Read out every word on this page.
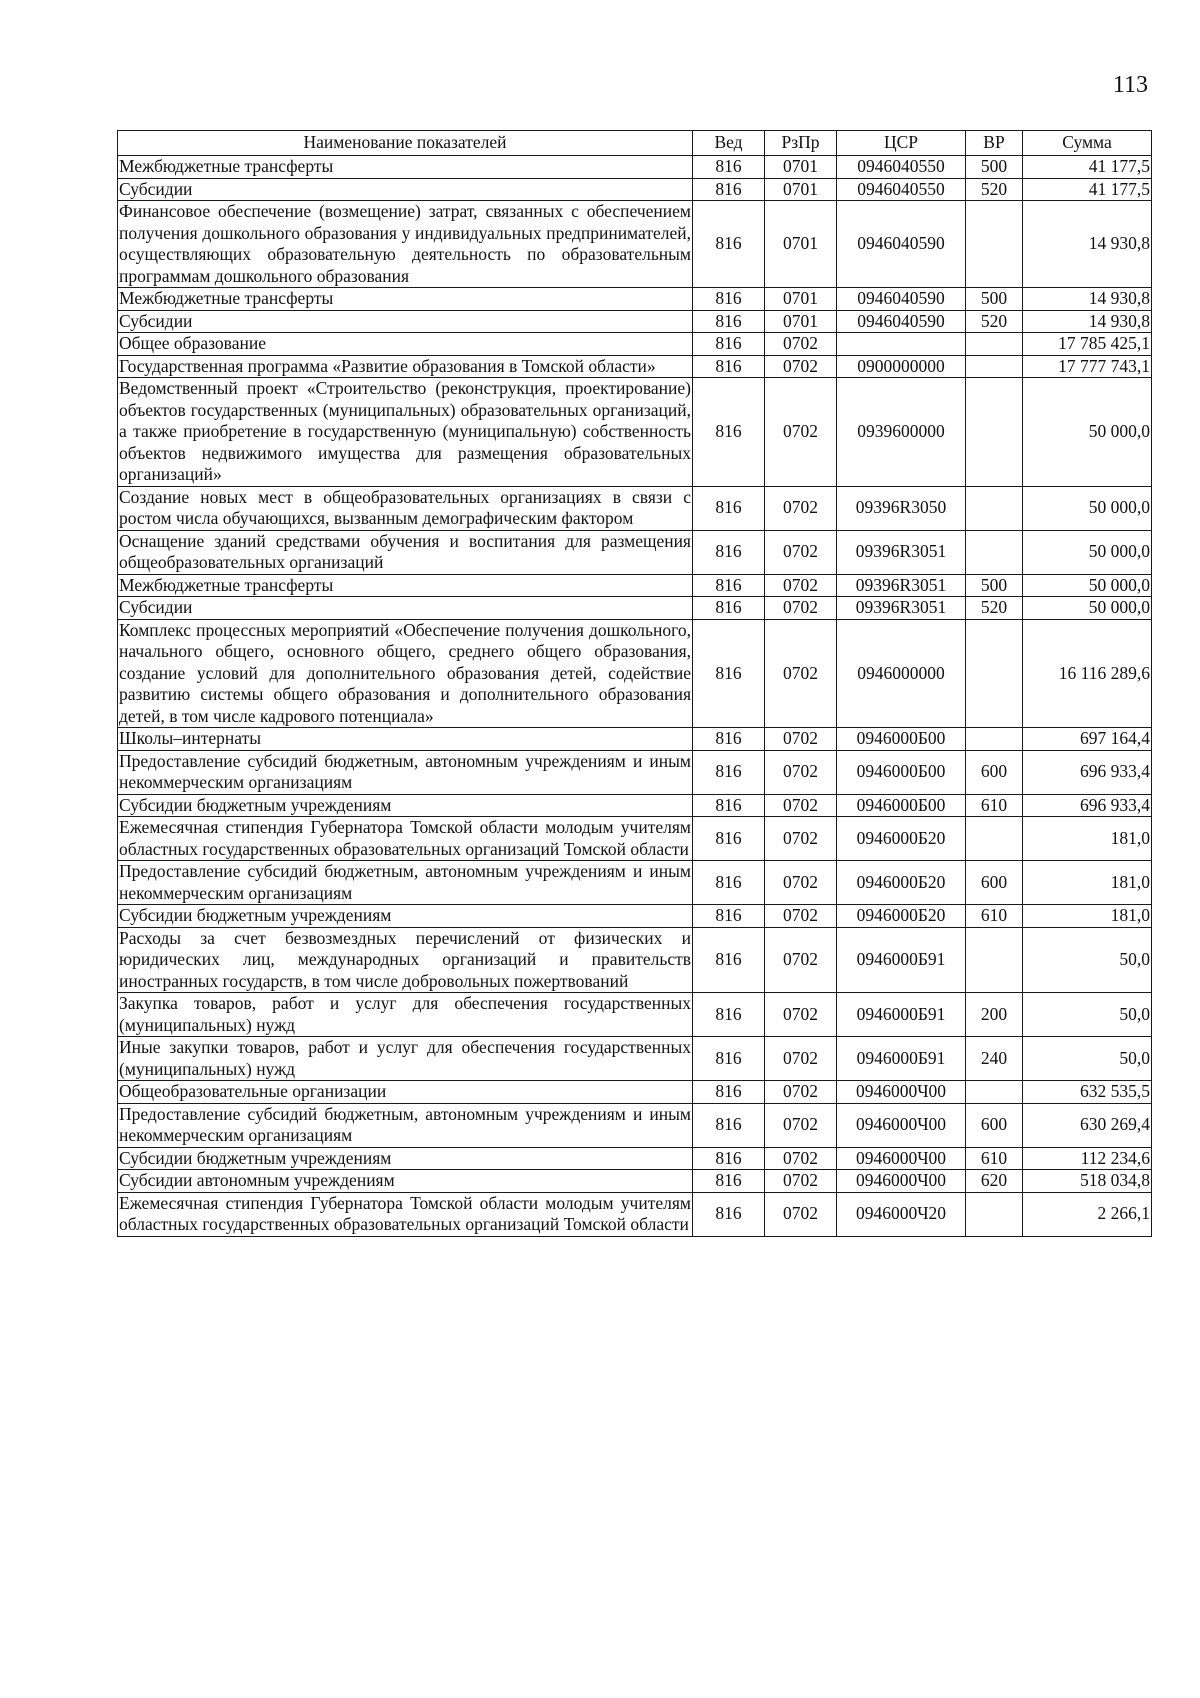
113
Наименование показателей	Вед	РзПр	ЦСР	ВР	Сумма
Межбюджетные трансферты	816	0701	0946040550	500	41 177,5
Субсидии	816	0701	0946040550	520	41 177,5
Финансовое обеспечение (возмещение) затрат, связанных с обеспечением получения дошкольного образования у индивидуальных предпринимателей, осуществляющих образовательную деятельность по образовательным программам дошкольного образования	816	0701	0946040590		14 930,8
Межбюджетные трансферты	816	0701	0946040590	500	14 930,8
Субсидии	816	0701	0946040590	520	14 930,8
Общее образование	816	0702			17 785 425,1
Государственная программа «Развитие образования в Томской области»	816	0702	0900000000		17 777 743,1
Ведомственный проект «Строительство (реконструкция, проектирование) объектов государственных (муниципальных) образовательных организаций, а также приобретение в государственную (муниципальную) собственность объектов недвижимого имущества для размещения образовательных организаций»	816	0702	0939600000		50 000,0
Создание новых мест в общеобразовательных организациях в связи с ростом числа обучающихся, вызванным демографическим фактором	816	0702	09396R3050		50 000,0
Оснащение зданий средствами обучения и воспитания для размещения общеобразовательных организаций	816	0702	09396R3051		50 000,0
Межбюджетные трансферты	816	0702	09396R3051	500	50 000,0
Субсидии	816	0702	09396R3051	520	50 000,0
Комплекс процессных мероприятий «Обеспечение получения дошкольного, начального общего, основного общего, среднего общего образования, создание условий для дополнительного образования детей, содействие развитию системы общего образования и дополнительного образования детей, в том числе кадрового потенциала»	816	0702	0946000000		16 116 289,6
Школы–интернаты	816	0702	0946000Б00		697 164,4
Предоставление субсидий бюджетным, автономным учреждениям и иным некоммерческим организациям	816	0702	0946000Б00	600	696 933,4
Субсидии бюджетным учреждениям	816	0702	0946000Б00	610	696 933,4
Ежемесячная стипендия Губернатора Томской области молодым учителям областных государственных образовательных организаций Томской области	816	0702	0946000Б20		181,0
Предоставление субсидий бюджетным, автономным учреждениям и иным некоммерческим организациям	816	0702	0946000Б20	600	181,0
Субсидии бюджетным учреждениям	816	0702	0946000Б20	610	181,0
Расходы за счет безвозмездных перечислений от физических и юридических лиц, международных организаций и правительств иностранных государств, в том числе добровольных пожертвований	816	0702	0946000Б91		50,0
Закупка товаров, работ и услуг для обеспечения государственных (муниципальных) нужд	816	0702	0946000Б91	200	50,0
Иные закупки товаров, работ и услуг для обеспечения государственных (муниципальных) нужд	816	0702	0946000Б91	240	50,0
Общеобразовательные организации	816	0702	0946000Ч00		632 535,5
Предоставление субсидий бюджетным, автономным учреждениям и иным некоммерческим организациям	816	0702	0946000Ч00	600	630 269,4
Субсидии бюджетным учреждениям	816	0702	0946000Ч00	610	112 234,6
Субсидии автономным учреждениям	816	0702	0946000Ч00	620	518 034,8
Ежемесячная стипендия Губернатора Томской области молодым учителям областных государственных образовательных организаций Томской области	816	0702	0946000Ч20		2 266,1
